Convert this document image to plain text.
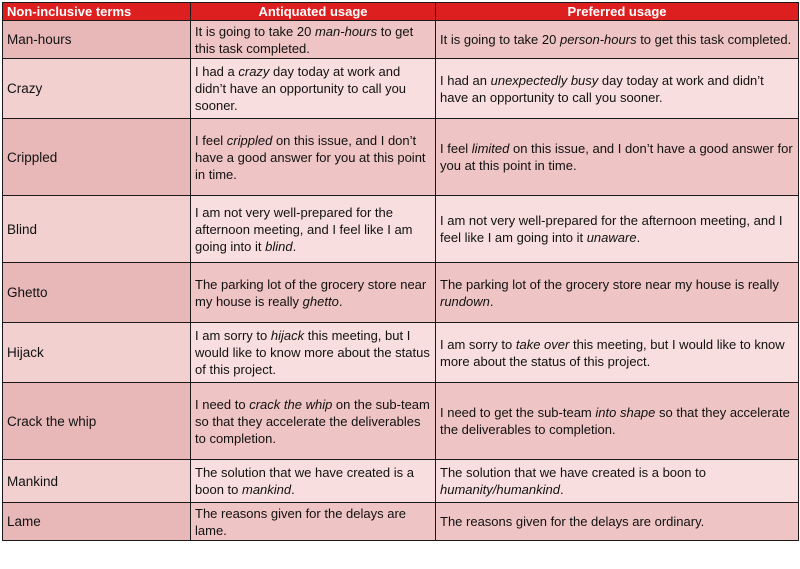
Non-inclusive terms	Antiquated usage	Preferred usage
Man-hours	It is going to take 20 man-hours to get this task completed.	It is going to take 20 person-hours to get this task completed.
Crazy	I had a crazy day today at work and didn’t have an opportunity to call you sooner.	I had an unexpectedly busy day today at work and didn’t have an opportunity to call you sooner.
Crippled	I feel crippled on this issue, and I don’t have a good answer for you at this point in time.	I feel limited on this issue, and I don’t have a good answer for you at this point in time.
Blind	I am not very well-prepared for the afternoon meeting, and I feel like I am going into it blind.	I am not very well-prepared for the afternoon meeting, and I feel like I am going into it unaware.
Ghetto	The parking lot of the grocery store near my house is really ghetto.	The parking lot of the grocery store near my house is really rundown.
Hijack	I am sorry to hijack this meeting, but I would like to know more about the status of this project.	I am sorry to take over this meeting, but I would like to know more about the status of this project.
Crack the whip	I need to crack the whip on the sub-team so that they accelerate the deliverables to completion.	I need to get the sub-team into shape so that they accelerate the deliverables to completion.
Mankind	The solution that we have created is a boon to mankind.	The solution that we have created is a boon to humanity/humankind.
Lame	The reasons given for the delays are lame.	The reasons given for the delays are ordinary.
